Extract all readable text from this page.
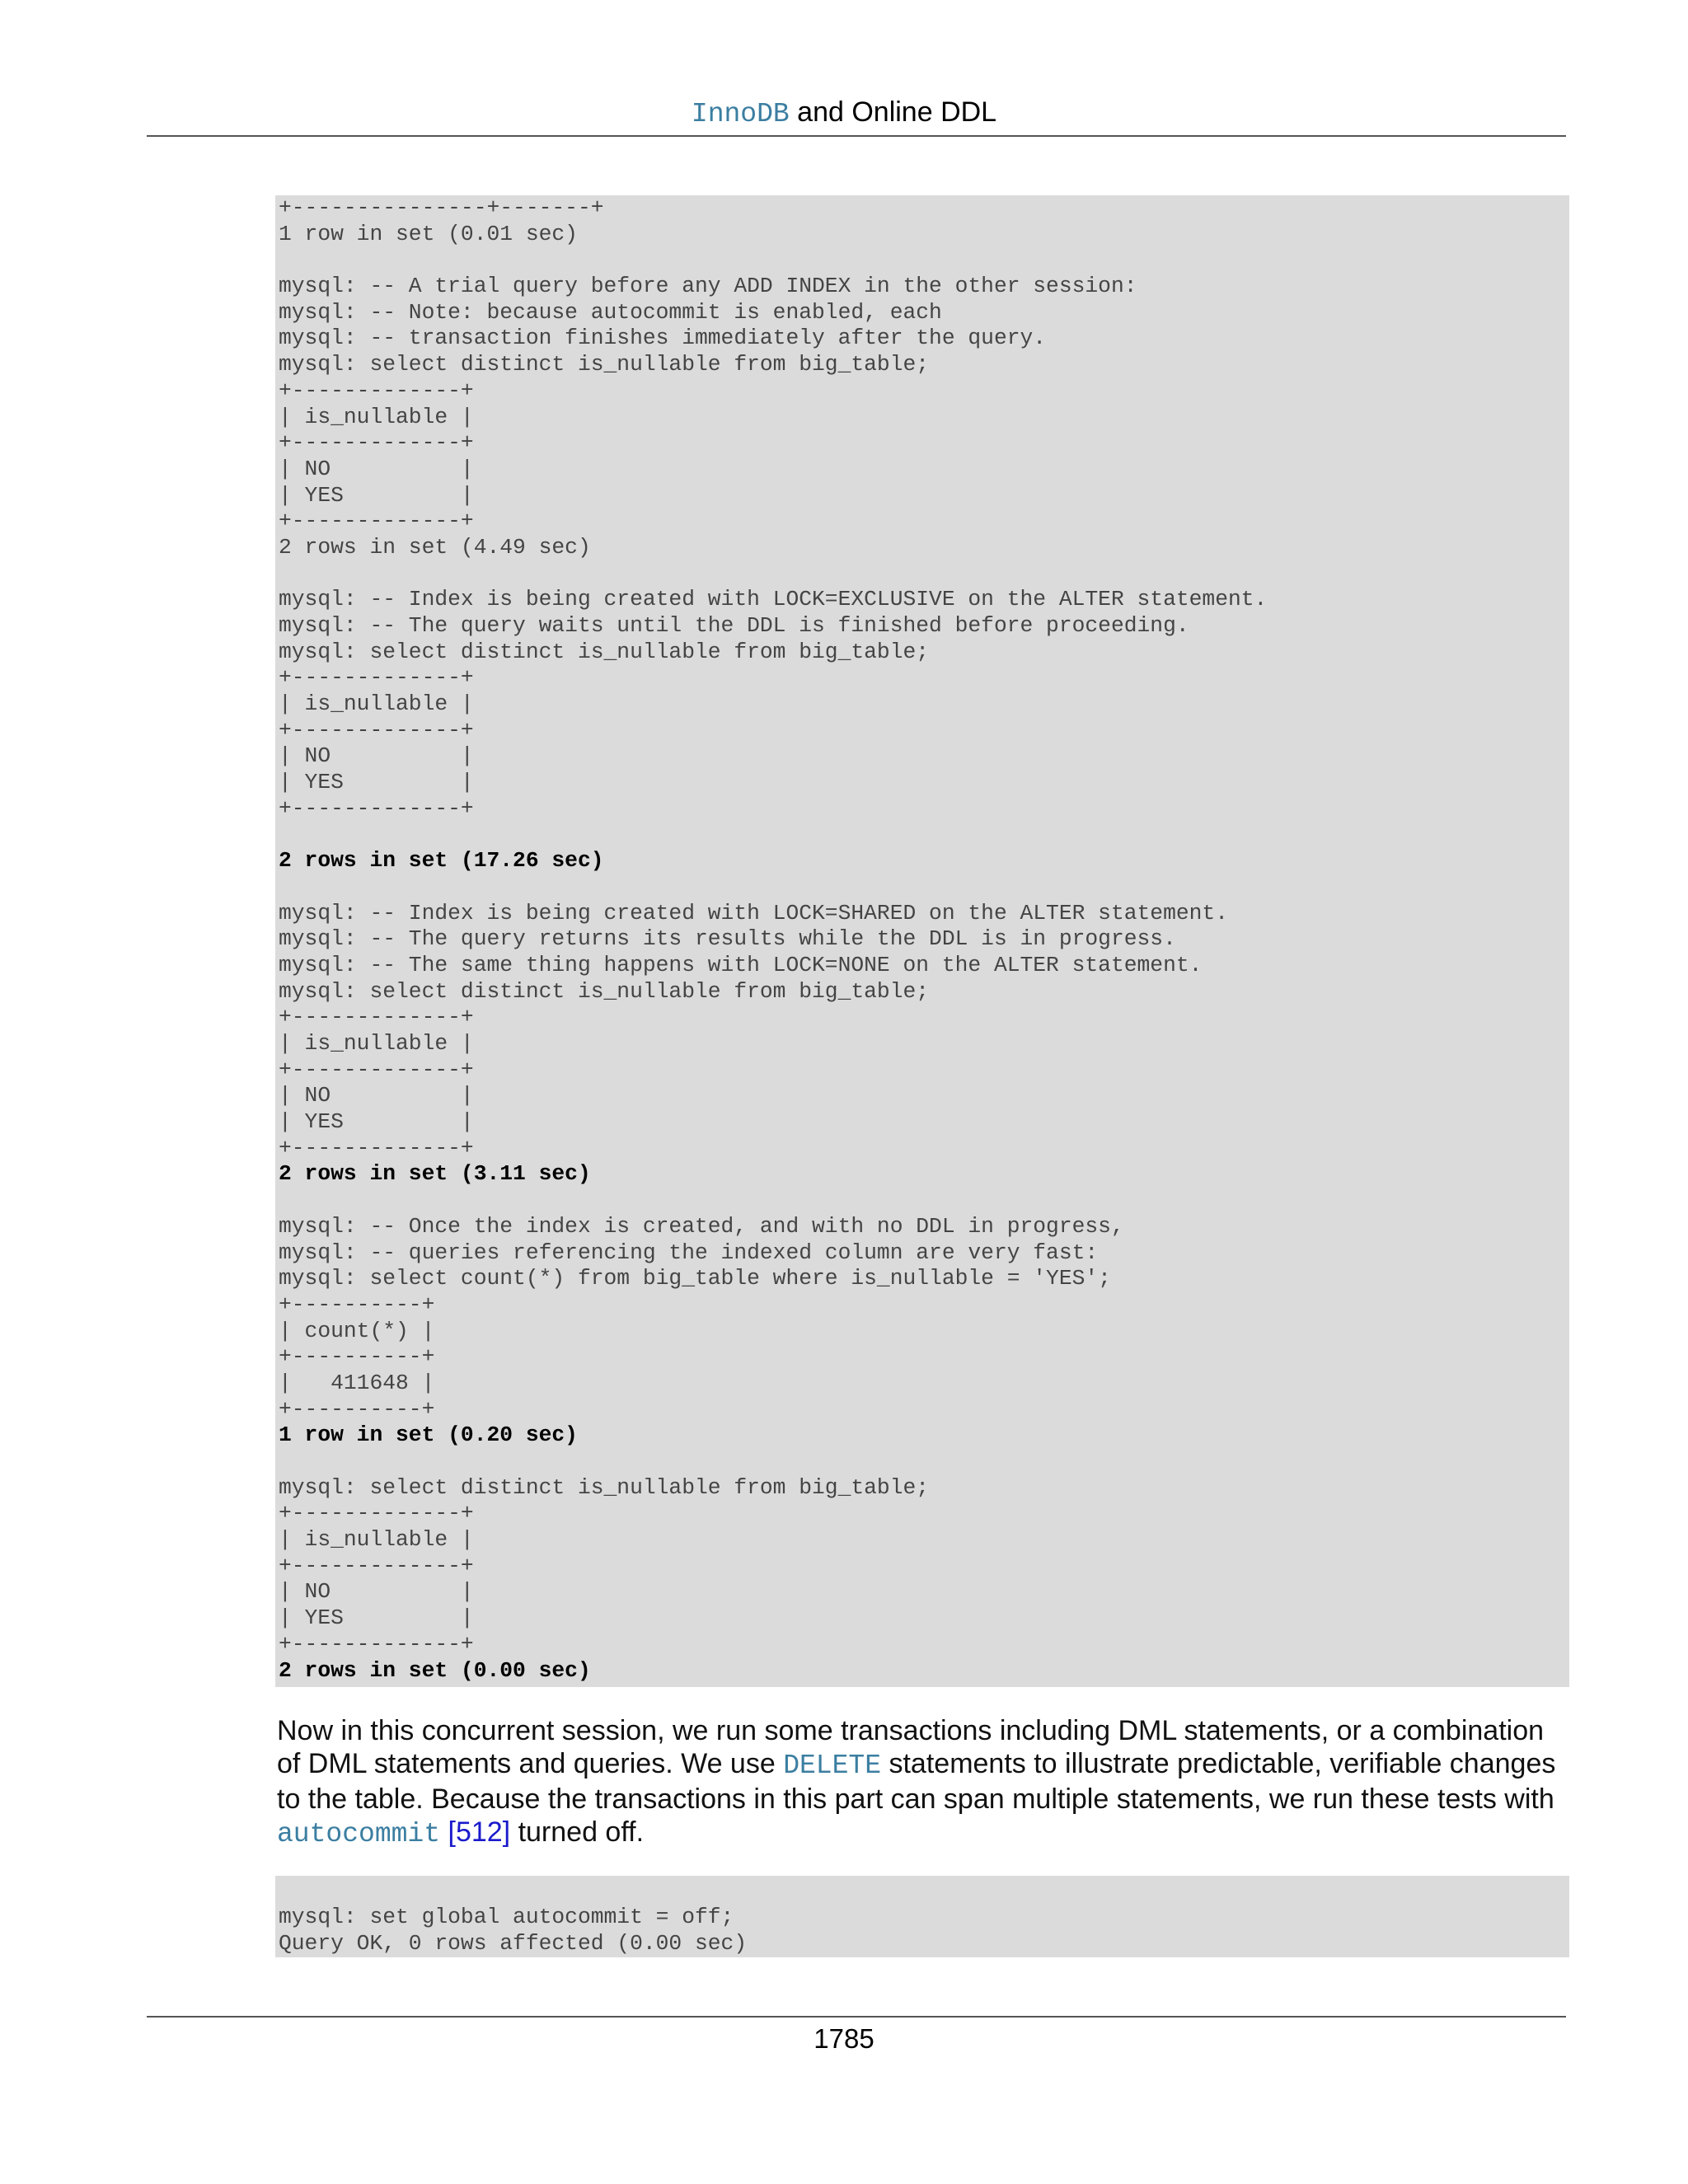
InnoDB and Online DDL
+---------------+-------+
1 row in set (0.01 sec)
mysql: -- A trial query before any ADD INDEX in the other session:
mysql: -- Note: because autocommit is enabled, each
mysql: -- transaction finishes immediately after the query.
mysql: select distinct is_nullable from big_table;
+-------------+
| is_nullable |
+-------------+
| NO          |
| YES         |
+-------------+
2 rows in set (4.49 sec)
mysql: -- Index is being created with LOCK=EXCLUSIVE on the ALTER statement.
mysql: -- The query waits until the DDL is finished before proceeding.
mysql: select distinct is_nullable from big_table;
+-------------+
| is_nullable |
+-------------+
| NO          |
| YES         |
+-------------+
2 rows in set (17.26 sec)
mysql: -- Index is being created with LOCK=SHARED on the ALTER statement.
mysql: -- The query returns its results while the DDL is in progress.
mysql: -- The same thing happens with LOCK=NONE on the ALTER statement.
mysql: select distinct is_nullable from big_table;
+-------------+
| is_nullable |
+-------------+
| NO          |
| YES         |
+-------------+
2 rows in set (3.11 sec)
mysql: -- Once the index is created, and with no DDL in progress,
mysql: -- queries referencing the indexed column are very fast:
mysql: select count(*) from big_table where is_nullable = 'YES';
+----------+
| count(*) |
+----------+
|   411648 |
+----------+
1 row in set (0.20 sec)
mysql: select distinct is_nullable from big_table;
+-------------+
| is_nullable |
+-------------+
| NO          |
| YES         |
+-------------+
2 rows in set (0.00 sec)
Now in this concurrent session, we run some transactions including DML statements, or a combination of DML statements and queries. We use DELETE statements to illustrate predictable, verifiable changes to the table. Because the transactions in this part can span multiple statements, we run these tests with autocommit [512] turned off.
mysql: set global autocommit = off;
Query OK, 0 rows affected (0.00 sec)
1785
